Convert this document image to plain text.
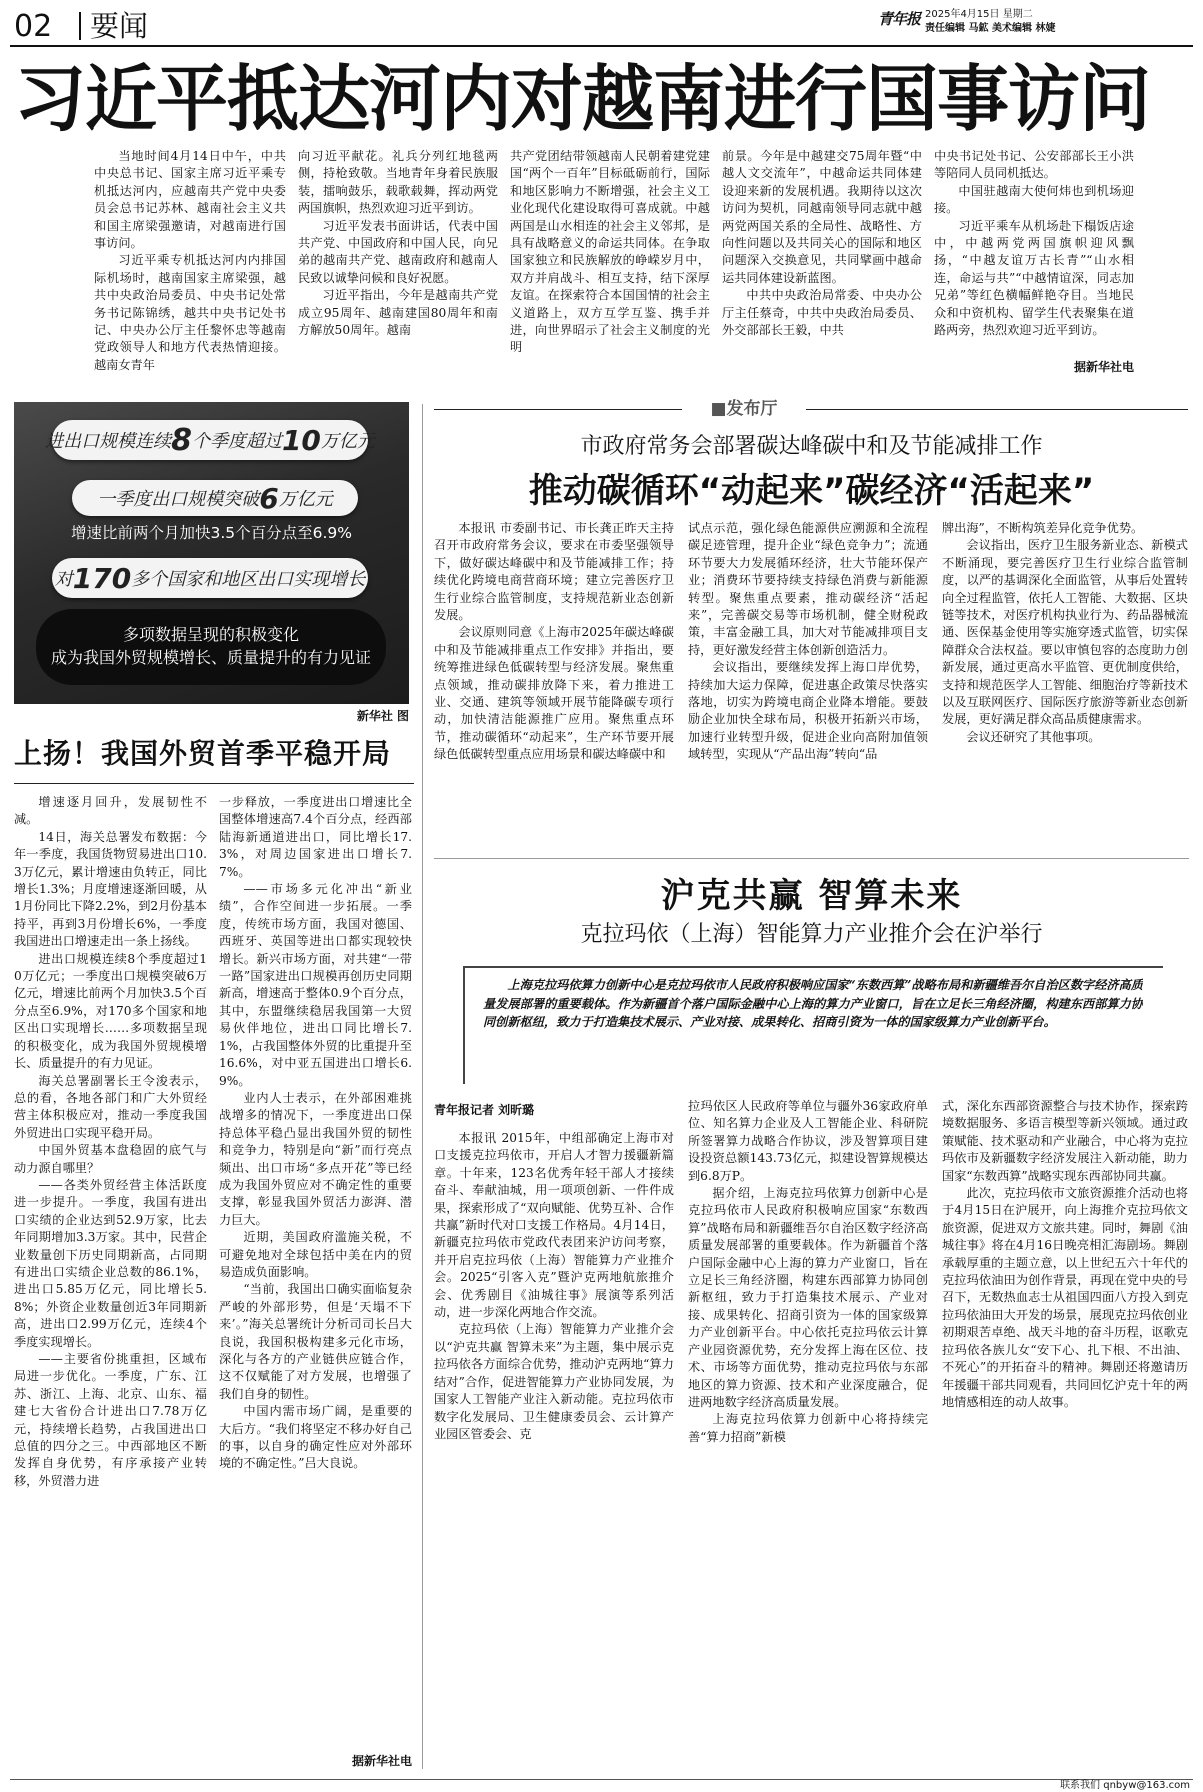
02 要闻	青年报 2025年4月15日 星期二
责任编辑 马鉱 美术编辑 林婕
习近平抵达河内对越南进行国事访问

当地时间4月14日中午，中共中央总书记、国家主席习近平乘专机抵达河内，应越南共产党中央委员会总书记苏林、越南社会主义共和国主席梁强邀请，对越南进行国事访问。

习近平乘专机抵达河内内排国际机场时，越南国家主席梁强，越共中央政治局委员、中央书记处常务书记陈锦绣，越共中央书记处书记、中央办公厅主任黎怀忠等越南党政领导人和地方代表热情迎接。越南女青年

向习近平献花。礼兵分列红地毯两侧，持枪致敬。当地青年身着民族服装，擂响鼓乐，载歌载舞，挥动两党两国旗帜，热烈欢迎习近平到访。

习近平发表书面讲话，代表中国共产党、中国政府和中国人民，向兄弟的越南共产党、越南政府和越南人民致以诚挚问候和良好祝愿。

习近平指出，今年是越南共产党成立95周年、越南建国80周年和南方解放50周年。越南

共产党团结带领越南人民朝着建党建国“两个一百年”目标砥砺前行，国际和地区影响力不断增强，社会主义工业化现代化建设取得可喜成就。中越两国是山水相连的社会主义邻邦，是具有战略意义的命运共同体。在争取国家独立和民族解放的峥嵘岁月中，双方并肩战斗、相互支持，结下深厚友谊。在探索符合本国国情的社会主义道路上，双方互学互鉴、携手并进，向世界昭示了社会主义制度的光明

前景。今年是中越建交75周年暨“中越人文交流年”，中越命运共同体建设迎来新的发展机遇。我期待以这次访问为契机，同越南领导同志就中越两党两国关系的全局性、战略性、方向性问题以及共同关心的国际和地区问题深入交换意见，共同擘画中越命运共同体建设新蓝图。

中共中央政治局常委、中央办公厅主任蔡奇，中共中央政治局委员、外交部部长王毅，中共

中央书记处书记、公安部部长王小洪等陪同人员同机抵达。

中国驻越南大使何炜也到机场迎接。

习近平乘车从机场赴下榻饭店途中，中越两党两国旗帜迎风飘扬，“中越友谊万古长青”“山水相连，命运与共”“中越情谊深，同志加兄弟”等红色横幅鲜艳夺目。当地民众和中资机构、留学生代表聚集在道路两旁，热烈欢迎习近平到访。

据新华社电
进出口规模连续 8 个季度超过 10 万亿元
一季度出口规模突破 6 万亿元
增速比前两个月加快3.5个百分点至6.9%
对 170 多个国家和地区出口实现增长
多项数据呈现的积极变化
成为我国外贸规模增长、质量提升的有力见证
新华社 图
上扬！我国外贸首季平稳开局

增速逐月回升，发展韧性不减。

14日，海关总署发布数据：今年一季度，我国货物贸易进出口10.3万亿元，累计增速由负转正，同比增长1.3%；月度增速逐渐回暖，从1月份同比下降2.2%，到2月份基本持平，再到3月份增长6%，一季度我国进出口增速走出一条上扬线。

进出口规模连续8个季度超过10万亿元；一季度出口规模突破6万亿元，增速比前两个月加快3.5个百分点至6.9%，对170多个国家和地区出口实现增长……多项数据呈现的积极变化，成为我国外贸规模增长、质量提升的有力见证。

海关总署副署长王令浚表示，总的看，各地各部门和广大外贸经营主体积极应对，推动一季度我国外贸进出口实现平稳开局。

中国外贸基本盘稳固的底气与动力源自哪里？

——各类外贸经营主体活跃度进一步提升。一季度，我国有进出口实绩的企业达到52.9万家，比去年同期增加3.3万家。其中，民营企业数量创下历史同期新高，占同期有进出口实绩企业总数的86.1%，进出口5.85万亿元，同比增长5.8%；外资企业数量创近3年同期新高，进出口2.99万亿元，连续4个季度实现增长。

——主要省份挑重担，区域布局进一步优化。一季度，广东、江苏、浙江、上海、北京、山东、福建七大省份合计进出口7.78万亿元，持续增长趋势，占我国进出口总值的四分之三。中西部地区不断发挥自身优势，有序承接产业转移，外贸潜力进

一步释放，一季度进出口增速比全国整体增速高7.4个百分点，经西部陆海新通道进出口，同比增长17.3%，对周边国家进出口增长7.7%。

——市场多元化冲出“新业绩”，合作空间进一步拓展。一季度，传统市场方面，我国对德国、西班牙、英国等进出口都实现较快增长。新兴市场方面，对共建“一带一路”国家进出口规模再创历史同期新高，增速高于整体0.9个百分点，其中，东盟继续稳居我国第一大贸易伙伴地位，进出口同比增长7.1%，占我国整体外贸的比重提升至16.6%，对中亚五国进出口增长6.9%。

业内人士表示，在外部困难挑战增多的情况下，一季度进出口保持总体平稳凸显出我国外贸的韧性和竞争力，特别是向“新”而行亮点频出、出口市场“多点开花”等已经成为我国外贸应对不确定性的重要支撑，彰显我国外贸活力澎湃、潜力巨大。

近期，美国政府滥施关税，不可避免地对全球包括中美在内的贸易造成负面影响。

“当前，我国出口确实面临复杂严峻的外部形势，但是‘天塌不下来’。”海关总署统计分析司司长吕大良说，我国积极构建多元化市场，深化与各方的产业链供应链合作，这不仅赋能了对方发展，也增强了我们自身的韧性。

中国内需市场广阔，是重要的大后方。“我们将坚定不移办好自己的事，以自身的确定性应对外部环境的不确定性。”吕大良说。

据新华社电
■发布厅
市政府常务会部署碳达峰碳中和及节能减排工作
推动碳循环“动起来”碳经济“活起来”

本报讯 市委副书记、市长龚正昨天主持召开市政府常务会议，要求在市委坚强领导下，做好碳达峰碳中和及节能减排工作；持续优化跨境电商营商环境；建立完善医疗卫生行业综合监管制度，支持规范新业态创新发展。

会议原则同意《上海市2025年碳达峰碳中和及节能减排重点工作安排》并指出，要统筹推进绿色低碳转型与经济发展。聚焦重点领域，推动碳排放降下来，着力推进工业、交通、建筑等领域开展节能降碳专项行动，加快清洁能源推广应用。聚焦重点环节，推动碳循环“动起来”，生产环节要开展绿色低碳转型重点应用场景和碳达峰碳中和

试点示范，强化绿色能源供应溯源和全流程碳足迹管理，提升企业“绿色竞争力”；流通环节要大力发展循环经济，壮大节能环保产业；消费环节要持续支持绿色消费与新能源转型。聚焦重点要素，推动碳经济“活起来”，完善碳交易等市场机制，健全财税政策，丰富金融工具，加大对节能减排项目支持，更好激发经营主体创新创造活力。

会议指出，要继续发挥上海口岸优势，持续加大运力保障，促进惠企政策尽快落实落地，切实为跨境电商企业降本增能。要鼓励企业加快全球布局，积极开拓新兴市场，加速行业转型升级，促进企业向高附加值领域转型，实现从“产品出海”转向“品

牌出海”，不断构筑差异化竞争优势。

会议指出，医疗卫生服务新业态、新模式不断涌现，要完善医疗卫生行业综合监管制度，以严的基调深化全面监管，从事后处置转向全过程监管，依托人工智能、大数据、区块链等技术，对医疗机构执业行为、药品器械流通、医保基金使用等实施穿透式监管，切实保障群众合法权益。要以审慎包容的态度助力创新发展，通过更高水平监管、更优制度供给，支持和规范医学人工智能、细胞治疗等新技术以及互联网医疗、国际医疗旅游等新业态创新发展，更好满足群众高品质健康需求。

会议还研究了其他事项。

沪克共赢 智算未来
克拉玛依（上海）智能算力产业推介会在沪举行

上海克拉玛依算力创新中心是克拉玛依市人民政府积极响应国家“东数西算”战略布局和新疆维吾尔自治区数字经济高质量发展部署的重要载体。作为新疆首个落户国际金融中心上海的算力产业窗口，旨在立足长三角经济圈，构建东西部算力协同创新枢纽，致力于打造集技术展示、产业对接、成果转化、招商引资为一体的国家级算力产业创新平台。

青年报记者 刘昕璐

本报讯 2015年，中组部确定上海市对口支援克拉玛依市，开启人才智力援疆新篇章。十年来，123名优秀年轻干部人才接续奋斗、奉献油城，用一项项创新、一件件成果，探索形成了“双向赋能、优势互补、合作共赢”新时代对口支援工作格局。4月14日，新疆克拉玛依市党政代表团来沪访问考察，并开启克拉玛依（上海）智能算力产业推介会。2025“引客入克”暨沪克两地航旅推介会、优秀剧目《油城往事》展演等系列活动，进一步深化两地合作交流。

克拉玛依（上海）智能算力产业推介会以“沪克共赢 智算未来”为主题，集中展示克拉玛依各方面综合优势，推动沪克两地“算力结对”合作，促进智能算力产业协同发展，为国家人工智能产业注入新动能。克拉玛依市数字化发展局、卫生健康委员会、云计算产业园区管委会、克

拉玛依区人民政府等单位与疆外36家政府单位、知名算力企业及人工智能企业、科研院所签署算力战略合作协议，涉及智算项目建设投资总额143.73亿元，拟建设智算规模达到6.8万P。

据介绍，上海克拉玛依算力创新中心是克拉玛依市人民政府积极响应国家“东数西算”战略布局和新疆维吾尔自治区数字经济高质量发展部署的重要载体。作为新疆首个落户国际金融中心上海的算力产业窗口，旨在立足长三角经济圈，构建东西部算力协同创新枢纽，致力于打造集技术展示、产业对接、成果转化、招商引资为一体的国家级算力产业创新平台。中心依托克拉玛依云计算产业园资源优势，充分发挥上海在区位、技术、市场等方面优势，推动克拉玛依与东部地区的算力资源、技术和产业深度融合，促进两地数字经济高质量发展。

上海克拉玛依算力创新中心将持续完善“算力招商”新模

式，深化东西部资源整合与技术协作，探索跨境数据服务、多语言模型等新兴领域。通过政策赋能、技术驱动和产业融合，中心将为克拉玛依市及新疆数字经济发展注入新动能，助力国家“东数西算”战略实现东西部协同共赢。

此次，克拉玛依市文旅资源推介活动也将于4月15日在沪展开，向上海推介克拉玛依文旅资源，促进双方文旅共建。同时，舞剧《油城往事》将在4月16日晚亮相汇海剧场。舞剧承载厚重的主题立意，以上世纪五六十年代的克拉玛依油田为创作背景，再现在党中央的号召下，无数热血志士从祖国四面八方投入到克拉玛依油田大开发的场景，展现克拉玛依创业初期艰苦卓绝、战天斗地的奋斗历程，讴歌克拉玛依各族儿女“安下心、扎下根、不出油、不死心”的开拓奋斗的精神。舞剧还将邀请历年援疆干部共同观看，共同回忆沪克十年的两地情感相连的动人故事。

联系我们 qnbyw@163.com
